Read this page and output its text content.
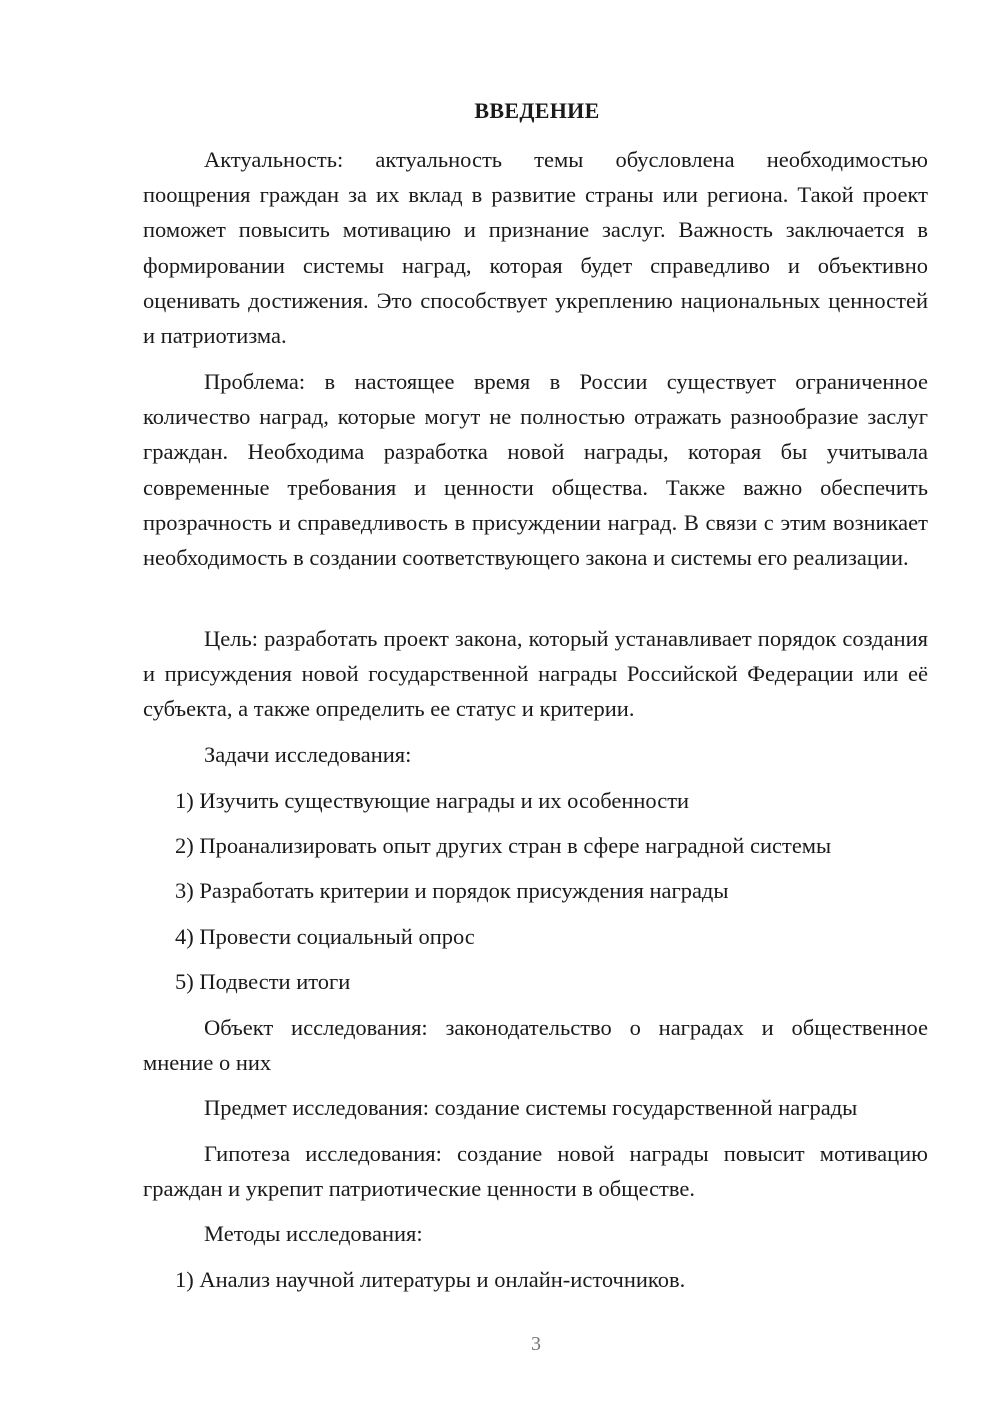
ВВЕДЕНИЕ

Актуальность: актуальность темы обусловлена необходимостью поощрения граждан за их вклад в развитие страны или региона. Такой проект поможет повысить мотивацию и признание заслуг. Важность заключается в формировании системы наград, которая будет справедливо и объективно оценивать достижения. Это способствует укреплению национальных ценностей и патриотизма.

Проблема: в настоящее время в России существует ограниченное количество наград, которые могут не полностью отражать разнообразие заслуг граждан. Необходима разработка новой награды, которая бы учитывала современные требования и ценности общества. Также важно обеспечить прозрачность и справедливость в присуждении наград. В связи с этим возникает необходимость в создании соответствующего закона и системы его реализации.

Цель: разработать проект закона, который устанавливает порядок создания и присуждения новой государственной награды Российской Федерации или её субъекта, а также определить ее статус и критерии.

Задачи исследования:

1) Изучить существующие награды и их особенности

2) Проанализировать опыт других стран в сфере наградной системы

3) Разработать критерии и порядок присуждения награды

4) Провести социальный опрос

5) Подвести итоги

Объект исследования: законодательство о наградах и общественное мнение о них

Предмет исследования: создание системы государственной награды

Гипотеза исследования: создание новой награды повысит мотивацию граждан и укрепит патриотические ценности в обществе.

Методы исследования:

1) Анализ научной литературы и онлайн-источников.

3
